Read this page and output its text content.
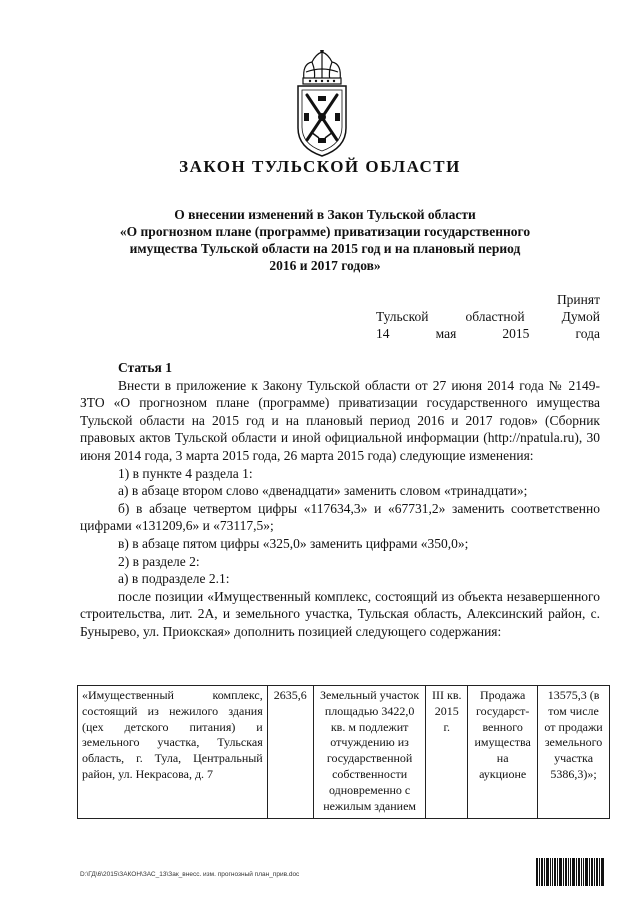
ЗАКОН ТУЛЬСКОЙ ОБЛАСТИ
О внесении изменений в Закон Тульской области
«О прогнозном плане (программе) приватизации государственного
имущества Тульской области на 2015 год и на плановый период
2016 и 2017 годов»
Принят
Тульской	областной	Думой
14	мая	2015	года

Статья 1

Внести в приложение к Закону Тульской области от 27 июня 2014 года № 2149-ЗТО «О прогнозном плане (программе) приватизации государственного имущества Тульской области на 2015 год и на плановый период 2016 и 2017 годов» (Сборник правовых актов Тульской области и иной официальной информации (http://npatula.ru), 30 июня 2014 года, 3 марта 2015 года, 26 марта 2015 года) следующие изменения:

1) в пункте 4 раздела 1:

а) в абзаце втором слово «двенадцати» заменить словом «тринадцати»;

б) в абзаце четвертом цифры «117634,3» и «67731,2» заменить соответственно цифрами «131209,6» и «73117,5»;

в) в абзаце пятом цифры «325,0» заменить цифрами «350,0»;

2) в разделе 2:

а) в подразделе 2.1:

после позиции «Имущественный комплекс, состоящий из объекта незавершенного строительства, лит. 2А, и земельного участка, Тульская область, Алексинский район, с. Бунырево, ул. Приокская» дополнить позицией следующего содержания:

«Имущественный комплекс, состоящий из нежилого здания (цех детского питания) и земельного участка, Тульская область, г. Тула, Центральный район, ул. Некрасова, д. 7	2635,6	Земельный участок площадью 3422,0 кв. м подлежит отчуждению из государственной собственности одновременно с нежилым зданием	III кв. 2015 г.	Продажа государст-венного имущества на аукционе	13575,3 (в том числе от продажи земельного участка 5386,3)»;
D:\ГД\6\2015\ЗАКОН\ЗАС_13\Зак_внесс. изм. прогнозный план_прив.doc
